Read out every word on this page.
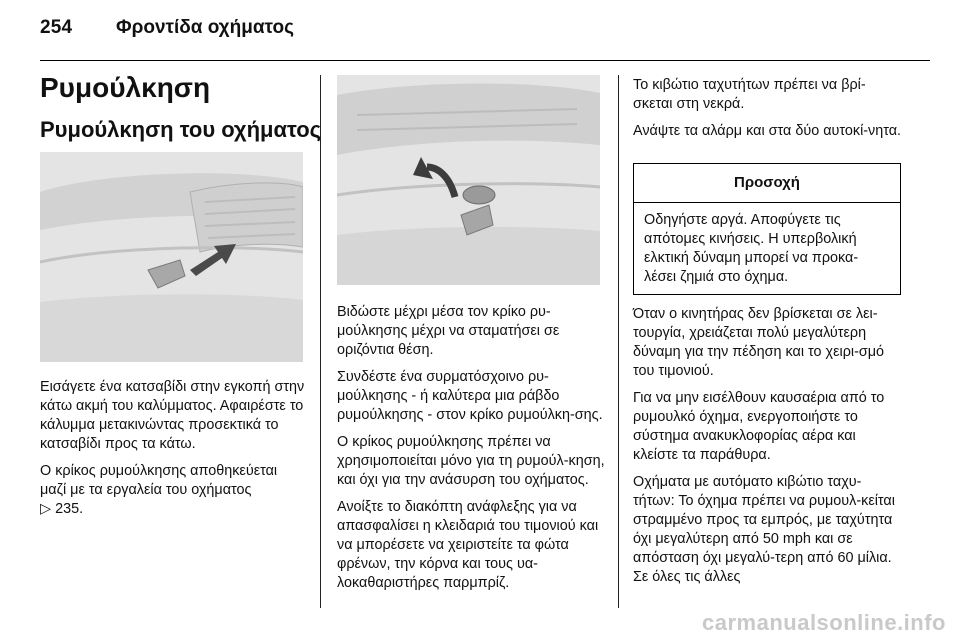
254 Φροντίδα οχήματος
Ρυμούλκηση
Ρυμούλκηση του οχήματος

Εισάγετε ένα κατσαβίδι στην εγκοπή στην κάτω ακμή του καλύμματος. Αφαιρέστε το κάλυμμα μετακινώντας προσεκτικά το κατσαβίδι προς τα κάτω.

Ο κρίκος ρυμούλκησης αποθηκεύεται μαζί με τα εργαλεία του οχήματος

▷ 235.

Βιδώστε μέχρι μέσα τον κρίκο ρυ-μούλκησης μέχρι να σταματήσει σε οριζόντια θέση.

Συνδέστε ένα συρματόσχοινο ρυ-μούλκησης - ή καλύτερα μια ράβδο ρυμούλκησης - στον κρίκο ρυμούλκη-σης.

Ο κρίκος ρυμούλκησης πρέπει να χρησιμοποιείται μόνο για τη ρυμούλ-κηση, και όχι για την ανάσυρση του οχήματος.

Ανοίξτε το διακόπτη ανάφλεξης για να απασφαλίσει η κλειδαριά του τιμονιού και να μπορέσετε να χειριστείτε τα φώτα φρένων, την κόρνα και τους υα-λοκαθαριστήρες παρμπρίζ.

Το κιβώτιο ταχυτήτων πρέπει να βρί-σκεται στη νεκρά.

Ανάψτε τα αλάρμ και στα δύο αυτοκί-νητα.

Προσοχή
Οδηγήστε αργά. Αποφύγετε τις απότομες κινήσεις. Η υπερβολική ελκτική δύναμη μπορεί να προκα-λέσει ζημιά στο όχημα.

Όταν ο κινητήρας δεν βρίσκεται σε λει-τουργία, χρειάζεται πολύ μεγαλύτερη δύναμη για την πέδηση και το χειρι-σμό του τιμονιού.

Για να μην εισέλθουν καυσαέρια από το ρυμουλκό όχημα, ενεργοποιήστε το σύστημα ανακυκλοφορίας αέρα και κλείστε τα παράθυρα.

Οχήματα με αυτόματο κιβώτιο ταχυ-τήτων: Το όχημα πρέπει να ρυμουλ-κείται στραμμένο προς τα εμπρός, με ταχύτητα όχι μεγαλύτερη από 50 mph και σε απόσταση όχι μεγαλύ-τερη από 60 μίλια. Σε όλες τις άλλες

carmanualsonline.info
